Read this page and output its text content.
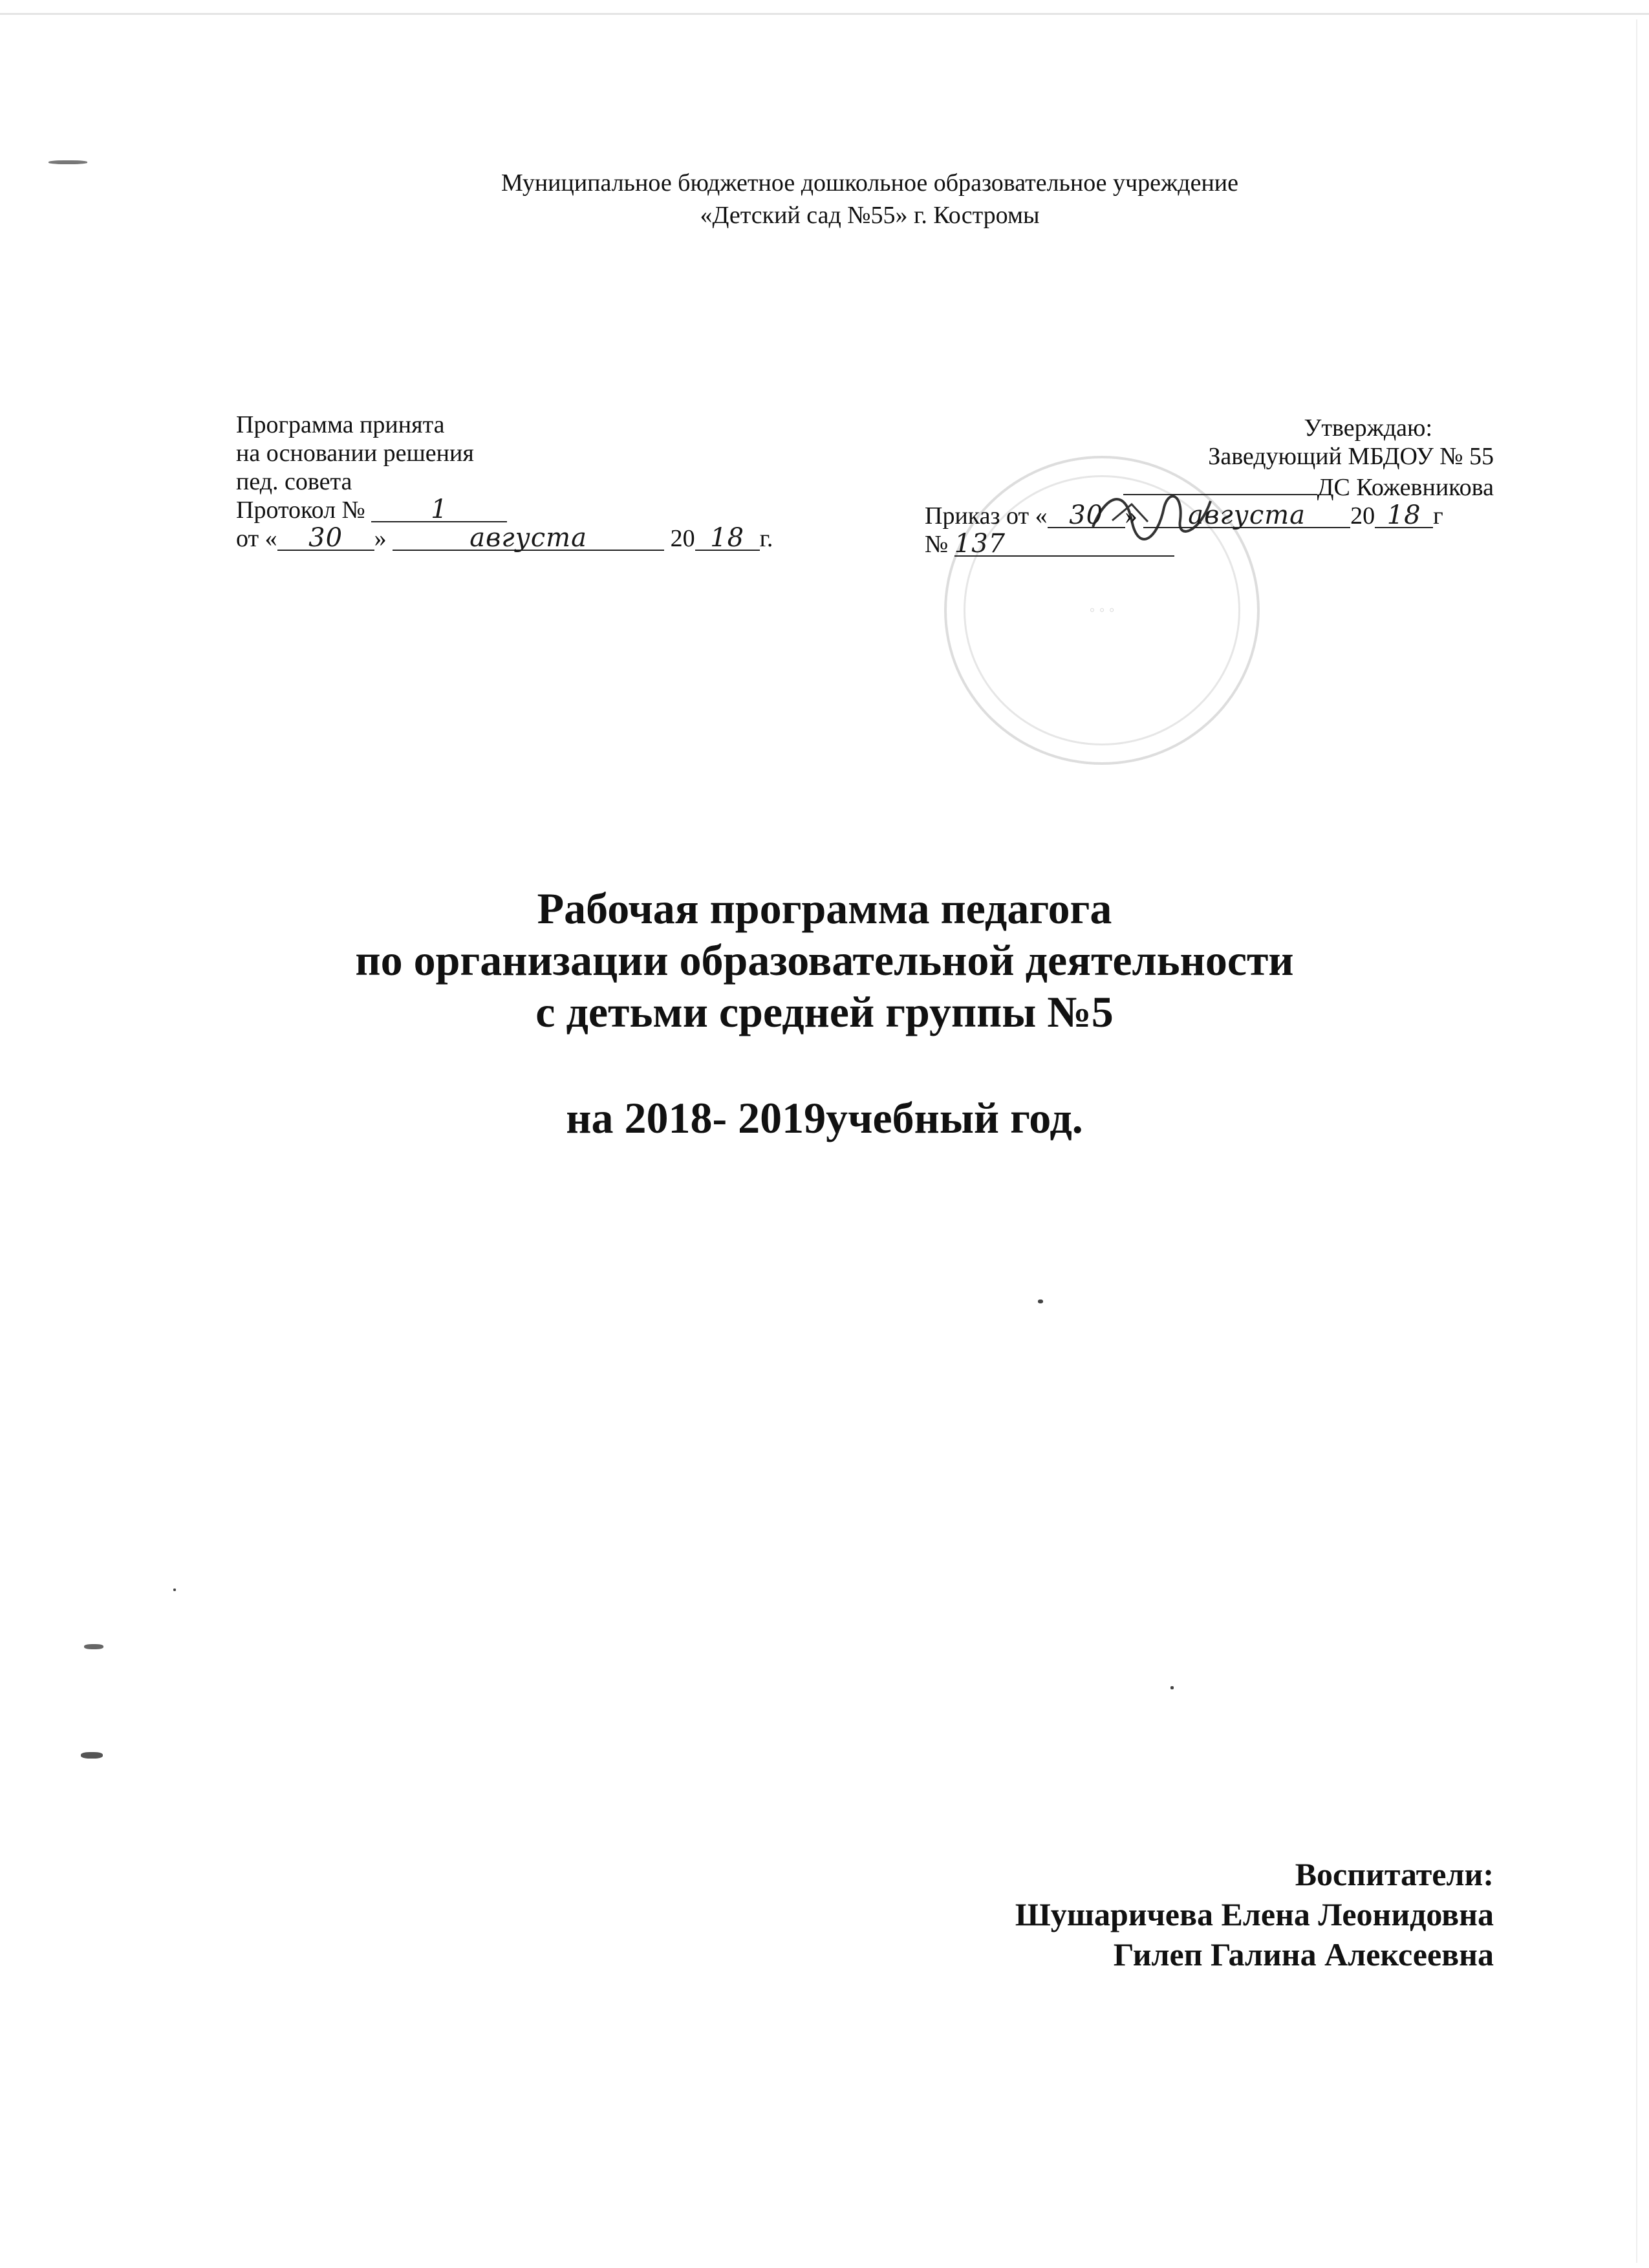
Муниципальное бюджетное дошкольное образовательное учреждение
«Детский сад №55» г. Костромы
Программа принята
на основании решения
пед. совета
Протокол №	1
от « 30 »	августа	20 18 г.
◦ ◦ ◦
Утверждаю:
Заведующий МБДОУ № 55
ДС Кожевникова
Приказ от « 30 » августа 20 18 г
№ 137
Рабочая программа педагога
по организации образовательной деятельности
с детьми средней группы №5
на 2018- 2019учебный год.
Воспитатели:
Шушаричева Елена Леонидовна
Гилеп Галина Алексеевна
